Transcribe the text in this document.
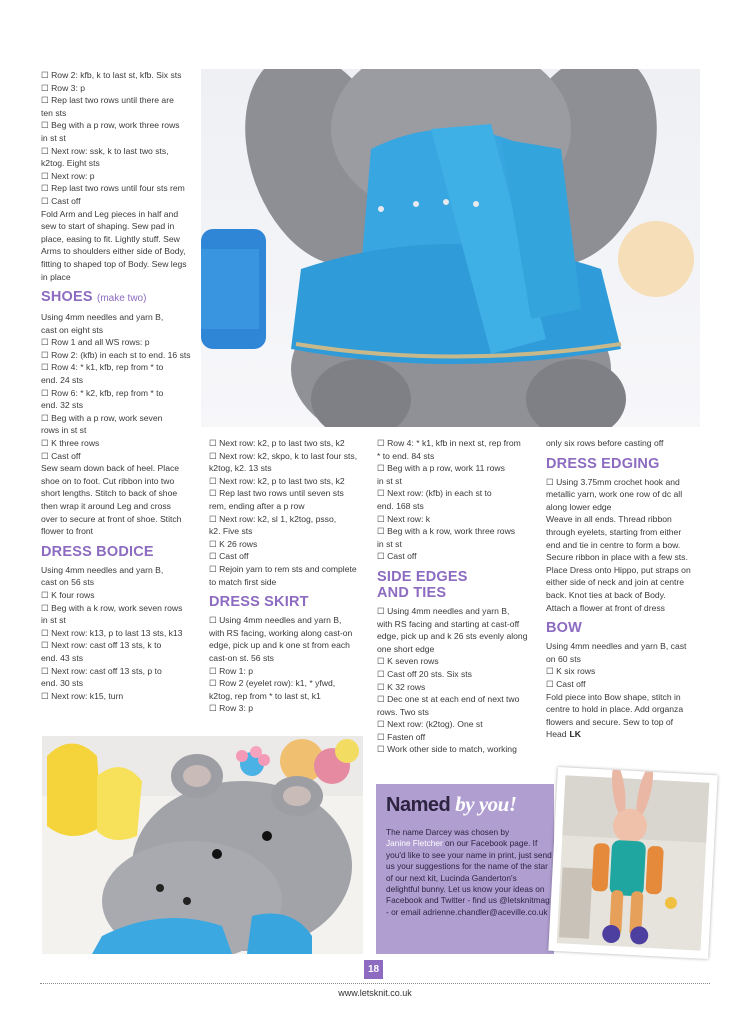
☐ Row 2: kfb, k to last st, kfb. Six sts
☐ Row 3: p
☐ Rep last two rows until there are
ten sts
☐ Beg with a p row, work three rows
in st st
☐ Next row: ssk, k to last two sts,
k2tog. Eight sts
☐ Next row: p
☐ Rep last two rows until four sts rem
☐ Cast off
Fold Arm and Leg pieces in half and
sew to start of shaping. Sew pad in
place, easing to fit. Lightly stuff. Sew
Arms to shoulders either side of Body,
fitting to shaped top of Body. Sew legs
in place
SHOES (make two)
Using 4mm needles and yarn B,
cast on eight sts
☐ Row 1 and all WS rows: p
☐ Row 2: (kfb) in each st to end. 16 sts
☐ Row 4: * k1, kfb, rep from * to
end. 24 sts
☐ Row 6: * k2, kfb, rep from * to
end. 32 sts
☐ Beg with a p row, work seven
rows in st st
☐ K three rows
☐ Cast off
Sew seam down back of heel. Place
shoe on to foot. Cut ribbon into two
short lengths. Stitch to back of shoe
then wrap it around Leg and cross
over to secure at front of shoe. Stitch
flower to front
DRESS BODICE
Using 4mm needles and yarn B,
cast on 56 sts
☐ K four rows
☐ Beg with a k row, work seven rows
in st st
☐ Next row: k13, p to last 13 sts, k13
☐ Next row: cast off 13 sts, k to
end. 43 sts
☐ Next row: cast off 13 sts, p to
end. 30 sts
☐ Next row: k15, turn
☐ Next row: k2, p to last two sts, k2
☐ Next row: k2, skpo, k to last four sts,
k2tog, k2. 13 sts
☐ Next row: k2, p to last two sts, k2
☐ Rep last two rows until seven sts
rem, ending after a p row
☐ Next row: k2, sl 1, k2tog, psso,
k2. Five sts
☐ K 26 rows
☐ Cast off
☐ Rejoin yarn to rem sts and complete
to match first side
DRESS SKIRT
☐ Using 4mm needles and yarn B,
with RS facing, working along cast-on
edge, pick up and k one st from each
cast-on st. 56 sts
☐ Row 1: p
☐ Row 2 (eyelet row): k1, * yfwd,
k2tog, rep from * to last st, k1
☐ Row 3: p
☐ Row 4: * k1, kfb in next st, rep from
* to end. 84 sts
☐ Beg with a p row, work 11 rows
in st st
☐ Next row: (kfb) in each st to
end. 168 sts
☐ Next row: k
☐ Beg with a k row, work three rows
in st st
☐ Cast off
SIDE EDGES
AND TIES
☐ Using 4mm needles and yarn B,
with RS facing and starting at cast-off
edge, pick up and k 26 sts evenly along
one short edge
☐ K seven rows
☐ Cast off 20 sts. Six sts
☐ K 32 rows
☐ Dec one st at each end of next two
rows. Two sts
☐ Next row: (k2tog). One st
☐ Fasten off
☐ Work other side to match, working
only six rows before casting off
DRESS EDGING
☐ Using 3.75mm crochet hook and
metallic yarn, work one row of dc all
along lower edge
Weave in all ends. Thread ribbon
through eyelets, starting from either
end and tie in centre to form a bow.
Secure ribbon in place with a few sts.
Place Dress onto Hippo, put straps on
either side of neck and join at centre
back. Knot ties at back of Body.
Attach a flower at front of dress
BOW
Using 4mm needles and yarn B, cast
on 60 sts
☐ K six rows
☐ Cast off
Fold piece into Bow shape, stitch in
centre to hold in place. Add organza
flowers and secure. Sew to top of
Head LK
Named by you!
The name Darcey was chosen by
Janine Fletcher on our Facebook page. If you'd like to see your name in print, just send us your suggestions for the name of the star of our next kit, Lucinda Ganderton's delightful bunny. Let us know your ideas on Facebook and Twitter - find us @letsknitmag - or email adrienne.chandler@aceville.co.uk
18
www.letsknit.co.uk
